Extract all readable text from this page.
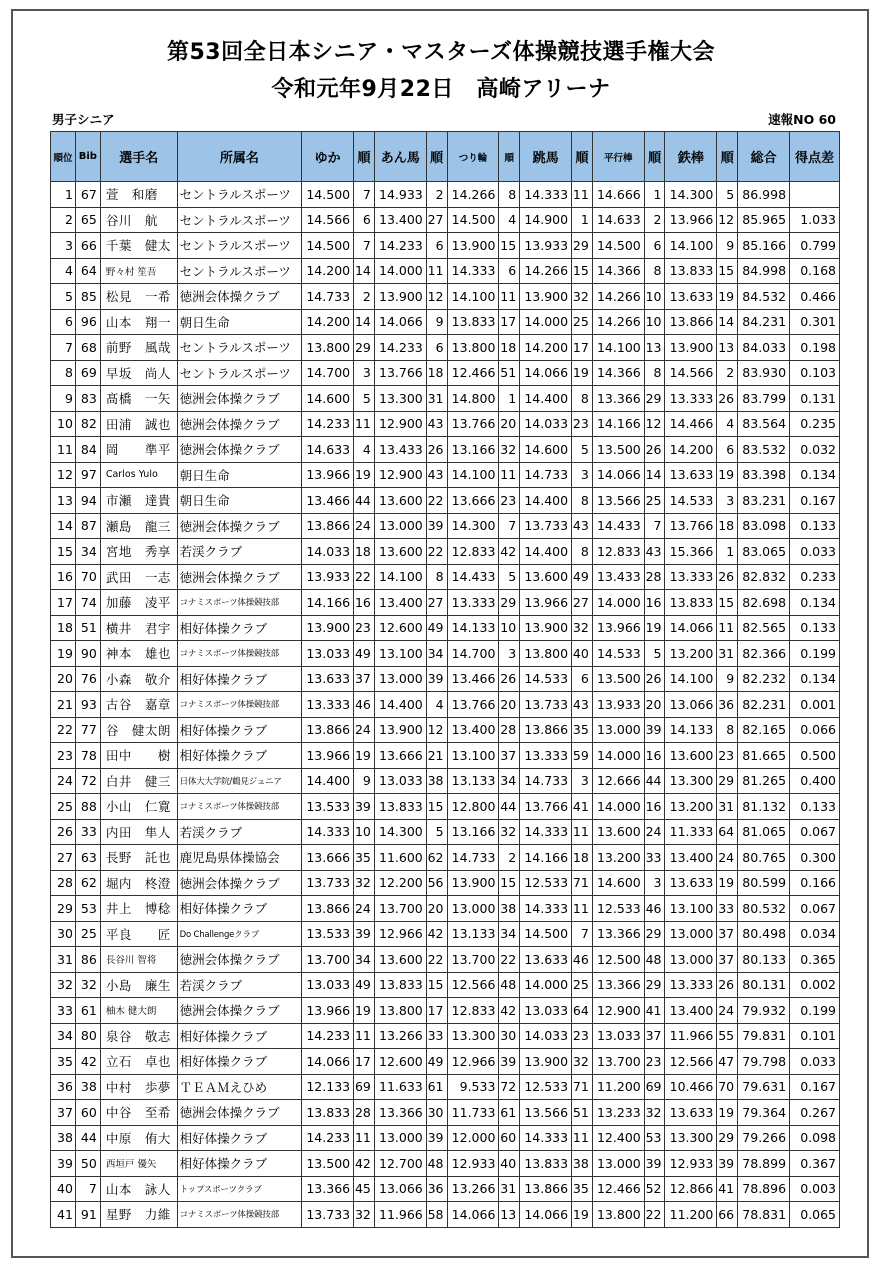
第53回全日本シニア・マスターズ体操競技選手権大会
令和元年9月22日　高崎アリーナ
男子シニア	速報NO 60
順位	Bib	選手名	所属名	ゆか	順	あん馬	順	つり輪	順	跳馬	順	平行棒	順	鉄棒	順	総合	得点差
1	67	萱　和磨	セントラルスポーツ	14.500	7	14.933	2	14.266	8	14.333	11	14.666	1	14.300	5	86.998	
2	65	谷川　航	セントラルスポーツ	14.566	6	13.400	27	14.500	4	14.900	1	14.633	2	13.966	12	85.965	1.033
3	66	千葉　健太	セントラルスポーツ	14.500	7	14.233	6	13.900	15	13.933	29	14.500	6	14.100	9	85.166	0.799
4	64	野々村 笙吾	セントラルスポーツ	14.200	14	14.000	11	14.333	6	14.266	15	14.366	8	13.833	15	84.998	0.168
5	85	松見　一希	徳洲会体操クラブ	14.733	2	13.900	12	14.100	11	13.900	32	14.266	10	13.633	19	84.532	0.466
6	96	山本　翔一	朝日生命	14.200	14	14.066	9	13.833	17	14.000	25	14.266	10	13.866	14	84.231	0.301
7	68	前野　風哉	セントラルスポーツ	13.800	29	14.233	6	13.800	18	14.200	17	14.100	13	13.900	13	84.033	0.198
8	69	早坂　尚人	セントラルスポーツ	14.700	3	13.766	18	12.466	51	14.066	19	14.366	8	14.566	2	83.930	0.103
9	83	髙橋　一矢	徳洲会体操クラブ	14.600	5	13.300	31	14.800	1	14.400	8	13.366	29	13.333	26	83.799	0.131
10	82	田浦　誠也	徳洲会体操クラブ	14.233	11	12.900	43	13.766	20	14.033	23	14.166	12	14.466	4	83.564	0.235
11	84	岡　　準平	徳洲会体操クラブ	14.633	4	13.433	26	13.166	32	14.600	5	13.500	26	14.200	6	83.532	0.032
12	97	Carlos Yulo	朝日生命	13.966	19	12.900	43	14.100	11	14.733	3	14.066	14	13.633	19	83.398	0.134
13	94	市瀬　達貴	朝日生命	13.466	44	13.600	22	13.666	23	14.400	8	13.566	25	14.533	3	83.231	0.167
14	87	瀬島　龍三	徳洲会体操クラブ	13.866	24	13.000	39	14.300	7	13.733	43	14.433	7	13.766	18	83.098	0.133
15	34	宮地　秀享	若渓クラブ	14.033	18	13.600	22	12.833	42	14.400	8	12.833	43	15.366	1	83.065	0.033
16	70	武田　一志	徳洲会体操クラブ	13.933	22	14.100	8	14.433	5	13.600	49	13.433	28	13.333	26	82.832	0.233
17	74	加藤　凌平	コナミスポーツ体操競技部	14.166	16	13.400	27	13.333	29	13.966	27	14.000	16	13.833	15	82.698	0.134
18	51	横井　君宇	相好体操クラブ	13.900	23	12.600	49	14.133	10	13.900	32	13.966	19	14.066	11	82.565	0.133
19	90	神本　雄也	コナミスポーツ体操競技部	13.033	49	13.100	34	14.700	3	13.800	40	14.533	5	13.200	31	82.366	0.199
20	76	小森　敬介	相好体操クラブ	13.633	37	13.000	39	13.466	26	14.533	6	13.500	26	14.100	9	82.232	0.134
21	93	古谷　嘉章	コナミスポーツ体操競技部	13.333	46	14.400	4	13.766	20	13.733	43	13.933	20	13.066	36	82.231	0.001
22	77	谷　健太朗	相好体操クラブ	13.866	24	13.900	12	13.400	28	13.866	35	13.000	39	14.133	8	82.165	0.066
23	78	田中　　樹	相好体操クラブ	13.966	19	13.666	21	13.100	37	13.333	59	14.000	16	13.600	23	81.665	0.500
24	72	白井　健三	日体大大学院/鶴見ジュニア	14.400	9	13.033	38	13.133	34	14.733	3	12.666	44	13.300	29	81.265	0.400
25	88	小山　仁寛	コナミスポーツ体操競技部	13.533	39	13.833	15	12.800	44	13.766	41	14.000	16	13.200	31	81.132	0.133
26	33	内田　隼人	若渓クラブ	14.333	10	14.300	5	13.166	32	14.333	11	13.600	24	11.333	64	81.065	0.067
27	63	長野　託也	鹿児島県体操協会	13.666	35	11.600	62	14.733	2	14.166	18	13.200	33	13.400	24	80.765	0.300
28	62	堀内　柊澄	徳洲会体操クラブ	13.733	32	12.200	56	13.900	15	12.533	71	14.600	3	13.633	19	80.599	0.166
29	53	井上　博稔	相好体操クラブ	13.866	24	13.700	20	13.000	38	14.333	11	12.533	46	13.100	33	80.532	0.067
30	25	平良　　匠	Do Challengeクラブ	13.533	39	12.966	42	13.133	34	14.500	7	13.366	29	13.000	37	80.498	0.034
31	86	長谷川 智将	徳洲会体操クラブ	13.700	34	13.600	22	13.700	22	13.633	46	12.500	48	13.000	37	80.133	0.365
32	32	小島　廉生	若渓クラブ	13.033	49	13.833	15	12.566	48	14.000	25	13.366	29	13.333	26	80.131	0.002
33	61	柚木 健大朗	徳洲会体操クラブ	13.966	19	13.800	17	12.833	42	13.033	64	12.900	41	13.400	24	79.932	0.199
34	80	泉谷　敬志	相好体操クラブ	14.233	11	13.266	33	13.300	30	14.033	23	13.033	37	11.966	55	79.831	0.101
35	42	立石　卓也	相好体操クラブ	14.066	17	12.600	49	12.966	39	13.900	32	13.700	23	12.566	47	79.798	0.033
36	38	中村　歩夢	ＴＥＡＭえひめ	12.133	69	11.633	61	9.533	72	12.533	71	11.200	69	10.466	70	79.631	0.167
37	60	中谷　至希	徳洲会体操クラブ	13.833	28	13.366	30	11.733	61	13.566	51	13.233	32	13.633	19	79.364	0.267
38	44	中原　侑大	相好体操クラブ	14.233	11	13.000	39	12.000	60	14.333	11	12.400	53	13.300	29	79.266	0.098
39	50	西垣戸 優矢	相好体操クラブ	13.500	42	12.700	48	12.933	40	13.833	38	13.000	39	12.933	39	78.899	0.367
40	7	山本　詠人	トップスポーツクラブ	13.366	45	13.066	36	13.266	31	13.866	35	12.466	52	12.866	41	78.896	0.003
41	91	星野　力維	コナミスポーツ体操競技部	13.733	32	11.966	58	14.066	13	14.066	19	13.800	22	11.200	66	78.831	0.065
